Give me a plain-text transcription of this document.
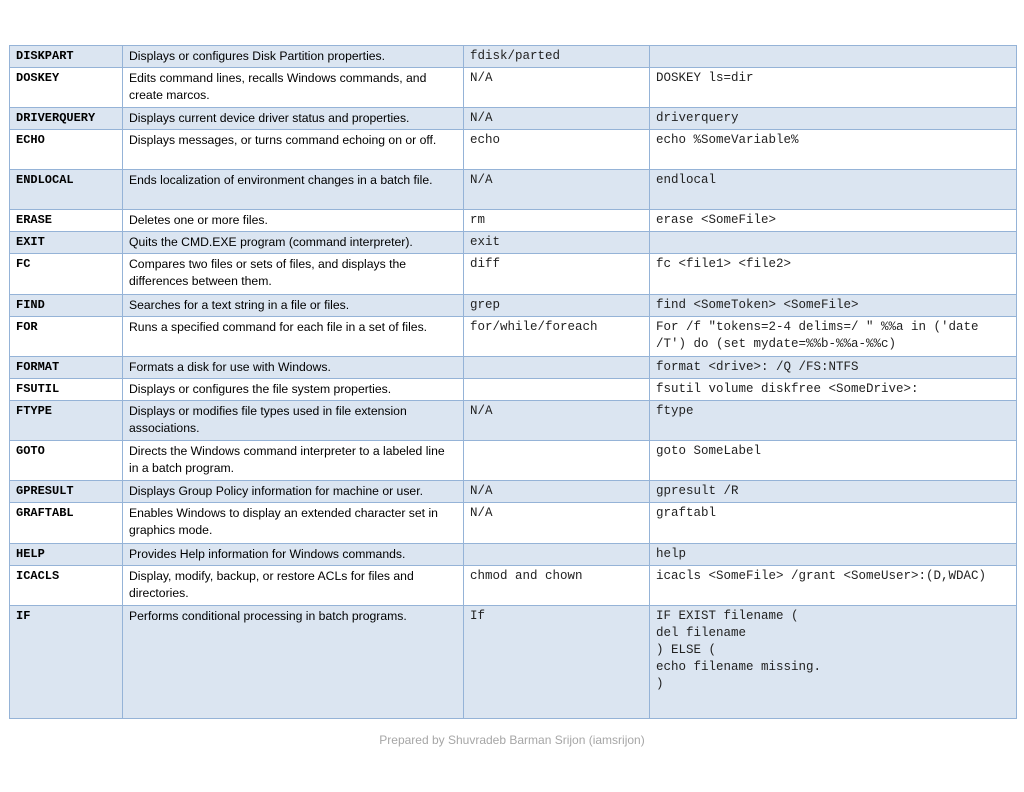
DISKPART	Displays or configures Disk Partition properties.	fdisk/parted	
DOSKEY	Edits command lines, recalls Windows commands, and create marcos.	N/A	DOSKEY ls=dir
DRIVERQUERY	Displays current device driver status and properties.	N/A	driverquery
ECHO	Displays messages, or turns command echoing on or off.	echo	echo %SomeVariable%
ENDLOCAL	Ends localization of environment changes in a batch file.	N/A	endlocal
ERASE	Deletes one or more files.	rm	erase <SomeFile>
EXIT	Quits the CMD.EXE program (command interpreter).	exit	
FC	Compares two files or sets of files, and displays the differences between them.	diff	fc <file1> <file2>
FIND	Searches for a text string in a file or files.	grep	find <SomeToken> <SomeFile>
FOR	Runs a specified command for each file in a set of files.	for/while/foreach	For /f "tokens=2-4 delims=/ " %%a in ('date /T') do (set mydate=%%b-%%a-%%c)
FORMAT	Formats a disk for use with Windows.		format <drive>: /Q /FS:NTFS
FSUTIL	Displays or configures the file system properties.		fsutil volume diskfree <SomeDrive>:
FTYPE	Displays or modifies file types used in file extension associations.	N/A	ftype
GOTO	Directs the Windows command interpreter to a labeled line in a batch program.		goto SomeLabel
GPRESULT	Displays Group Policy information for machine or user.	N/A	gpresult /R
GRAFTABL	Enables Windows to display an extended character set in graphics mode.	N/A	graftabl
HELP	Provides Help information for Windows commands.		help
ICACLS	Display, modify, backup, or restore ACLs for files and directories.	chmod and chown	icacls <SomeFile> /grant <SomeUser>:(D,WDAC)
IF	Performs conditional processing in batch programs.	If	IF EXIST filename (
del filename
) ELSE (
echo filename missing.
)
Prepared by Shuvradeb Barman Srijon (iamsrijon)
